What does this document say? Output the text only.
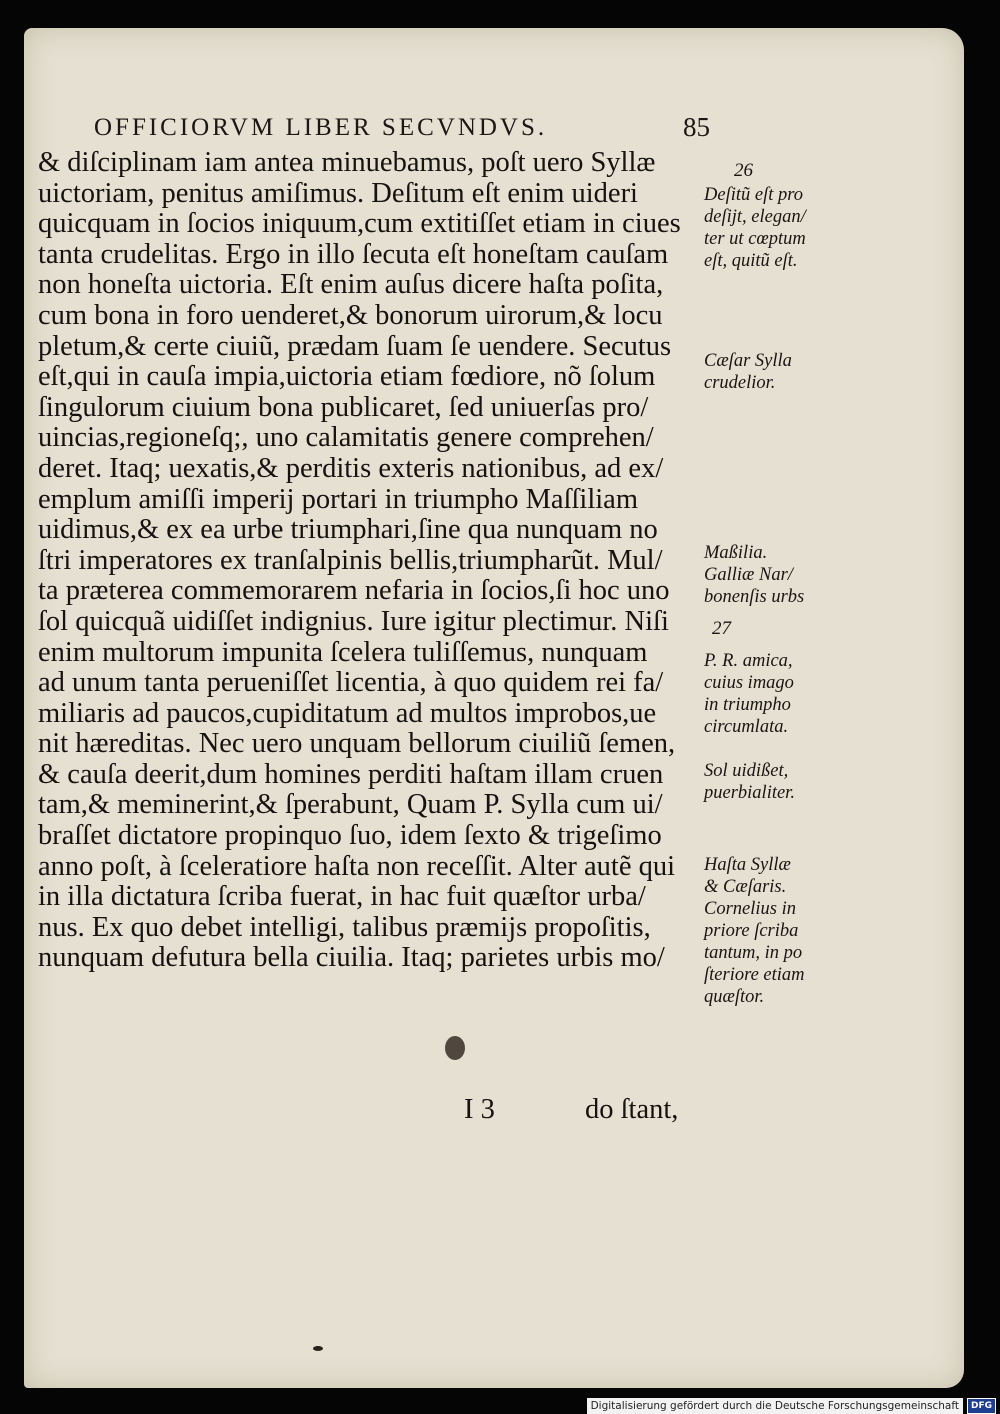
OFFICIORVM LIBER SECVNDVS.	85
& diſciplinam iam antea minuebamus, poſt uero Syllæ
uictoriam, penitus amiſimus. Deſitum eſt enim uideri
quicquam in ſocios iniquum,cum extitiſſet etiam in ciues
tanta crudelitas. Ergo in illo ſecuta eſt honeſtam cauſam
non honeſta uictoria. Eſt enim auſus dicere haſta poſita,
cum bona in foro uenderet,& bonorum uirorum,& locu
pletum,& certe ciuiũ, prædam ſuam ſe uendere. Secutus
eſt,qui in cauſa impia,uictoria etiam fœdiore, nõ ſolum
ſingulorum ciuium bona publicaret, ſed uniuerſas pro/
uincias,regioneſq;, uno calamitatis genere comprehen/
deret. Itaq; uexatis,& perditis exteris nationibus, ad ex/
emplum amiſſi imperij portari in triumpho Maſſiliam
uidimus,& ex ea urbe triumphari,ſine qua nunquam no
ſtri imperatores ex tranſalpinis bellis,triumpharũt. Mul/
ta præterea commemorarem nefaria in ſocios,ſi hoc uno
ſol quicquã uidiſſet indignius. Iure igitur plectimur. Niſi
enim multorum impunita ſcelera tuliſſemus, nunquam
ad unum tanta perueniſſet licentia, à quo quidem rei fa/
miliaris ad paucos,cupiditatum ad multos improbos,ue
nit hæreditas. Nec uero unquam bellorum ciuiliũ ſemen,
& cauſa deerit,dum homines perditi haſtam illam cruen
tam,& meminerint,& ſperabunt, Quam P. Sylla cum ui/
braſſet dictatore propinquo ſuo, idem ſexto & trigeſimo
anno poſt, à ſceleratiore haſta non receſſit. Alter autẽ qui
in illa dictatura ſcriba fuerat, in hac fuit quæſtor urba/
nus. Ex quo debet intelligi, talibus præmijs propoſitis,
nunquam defutura bella ciuilia. Itaq; parietes urbis mo/
26
Deſitũ eſt pro
deſijt, elegan/
ter ut cœptum
eſt, quitũ eſt.
Cæſar Sylla
crudelior.
Maßilia.
Galliæ Nar/
bonenſis urbs
27
P. R. amica,
cuius imago
in triumpho
circumlata.
Sol uidißet,
puerbialiter.
Haſta Syllæ
& Cæſaris.
Cornelius in
priore ſcriba
tantum, in po
ſteriore etiam
quæſtor.
I 3	do ſtant,
Digitalisierung gefördert durch die Deutsche Forschungsgemeinschaft	DFG
